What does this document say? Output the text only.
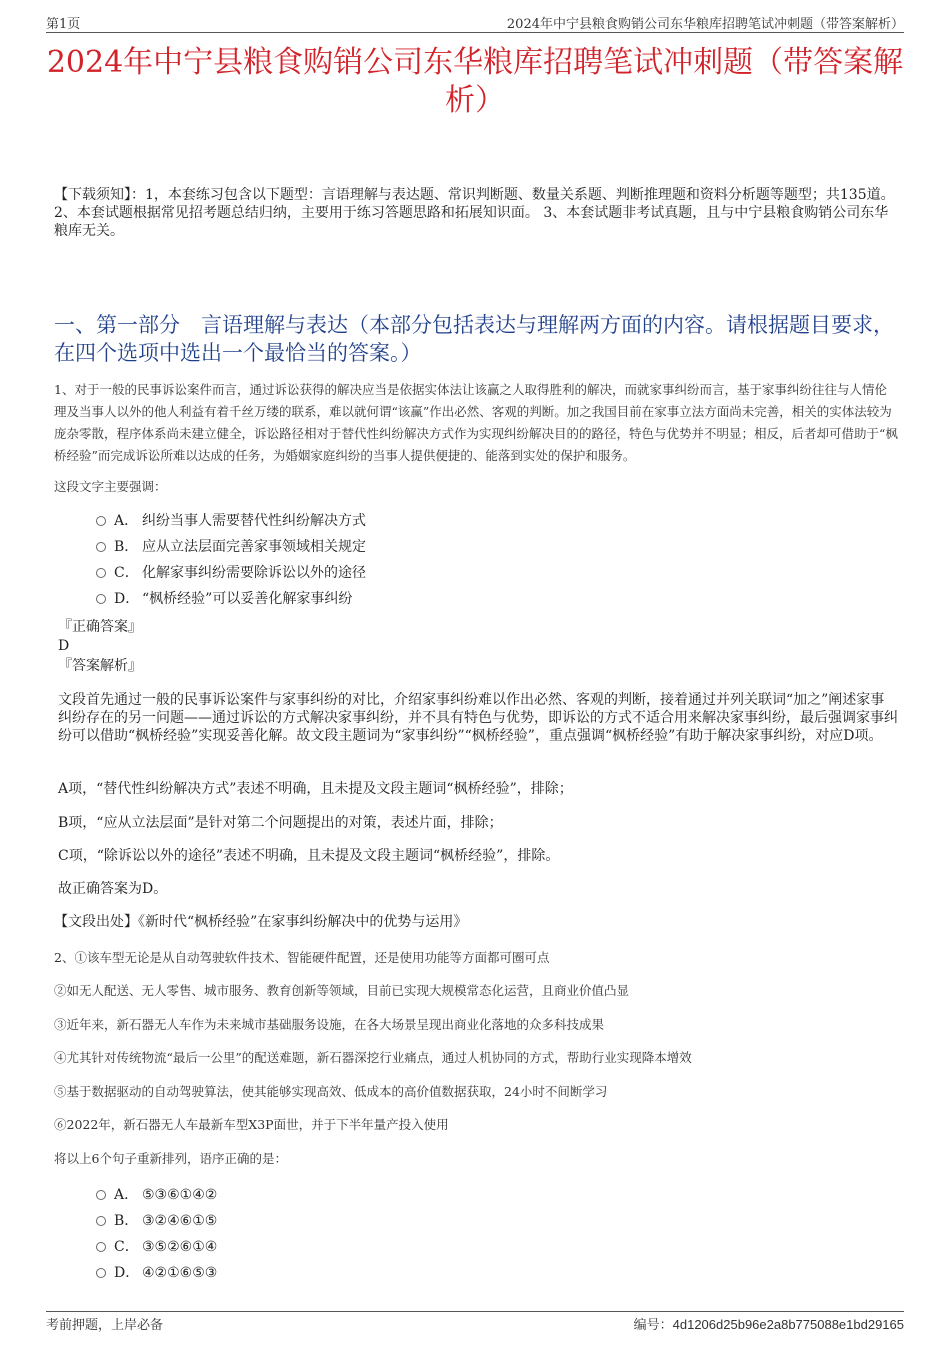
第1页	2024年中宁县粮食购销公司东华粮库招聘笔试冲刺题（带答案解析）
2024年中宁县粮食购销公司东华粮库招聘笔试冲刺题（带答案解析）
【下载须知】：1，本套练习包含以下题型：言语理解与表达题、常识判断题、数量关系题、判断推理题和资料分析题等题型；共135道。 2、本套试题根据常见招考题总结归纳，主要用于练习答题思路和拓展知识面。 3、本套试题非考试真题，且与中宁县粮食购销公司东华粮库无关。
一、第一部分　言语理解与表达（本部分包括表达与理解两方面的内容。请根据题目要求，在四个选项中选出一个最恰当的答案。）
1、对于一般的民事诉讼案件而言，通过诉讼获得的解决应当是依据实体法让该赢之人取得胜利的解决，而就家事纠纷而言，基于家事纠纷往往与人情伦理及当事人以外的他人利益有着千丝万缕的联系，难以就何谓“该赢”作出必然、客观的判断。加之我国目前在家事立法方面尚未完善，相关的实体法较为庞杂零散，程序体系尚未建立健全，诉讼路径相对于替代性纠纷解决方式作为实现纠纷解决目的的路径，特色与优势并不明显；相反，后者却可借助于“枫桥经验”而完成诉讼所难以达成的任务，为婚姻家庭纠纷的当事人提供便捷的、能落到实处的保护和服务。
这段文字主要强调：
A． 纠纷当事人需要替代性纠纷解决方式
B． 应从立法层面完善家事领域相关规定
C． 化解家事纠纷需要除诉讼以外的途径
D． “枫桥经验”可以妥善化解家事纠纷
『正确答案』
D
『答案解析』
文段首先通过一般的民事诉讼案件与家事纠纷的对比，介绍家事纠纷难以作出必然、客观的判断，接着通过并列关联词“加之”阐述家事纠纷存在的另一问题——通过诉讼的方式解决家事纠纷，并不具有特色与优势，即诉讼的方式不适合用来解决家事纠纷，最后强调家事纠纷可以借助“枫桥经验”实现妥善化解。故文段主题词为“家事纠纷”“枫桥经验”，重点强调“枫桥经验”有助于解决家事纠纷，对应D项。
A项，“替代性纠纷解决方式”表述不明确，且未提及文段主题词“枫桥经验”，排除；
B项，“应从立法层面”是针对第二个问题提出的对策，表述片面，排除；
C项，“除诉讼以外的途径”表述不明确，且未提及文段主题词“枫桥经验”，排除。
故正确答案为D。
【文段出处】《新时代“枫桥经验”在家事纠纷解决中的优势与运用》
2、①该车型无论是从自动驾驶软件技术、智能硬件配置，还是使用功能等方面都可圈可点
②如无人配送、无人零售、城市服务、教育创新等领域，目前已实现大规模常态化运营，且商业价值凸显
③近年来，新石器无人车作为未来城市基础服务设施，在各大场景呈现出商业化落地的众多科技成果
④尤其针对传统物流“最后一公里”的配送难题，新石器深挖行业痛点，通过人机协同的方式，帮助行业实现降本增效
⑤基于数据驱动的自动驾驶算法，使其能够实现高效、低成本的高价值数据获取，24小时不间断学习
⑥2022年，新石器无人车最新车型X3P面世，并于下半年量产投入使用
将以上6个句子重新排列，语序正确的是：
A． ⑤③⑥①④②
B． ③②④⑥①⑤
C． ③⑤②⑥①④
D． ④②①⑥⑤③
考前押题，上岸必备	编号：4d1206d25b96e2a8b775088e1bd29165
